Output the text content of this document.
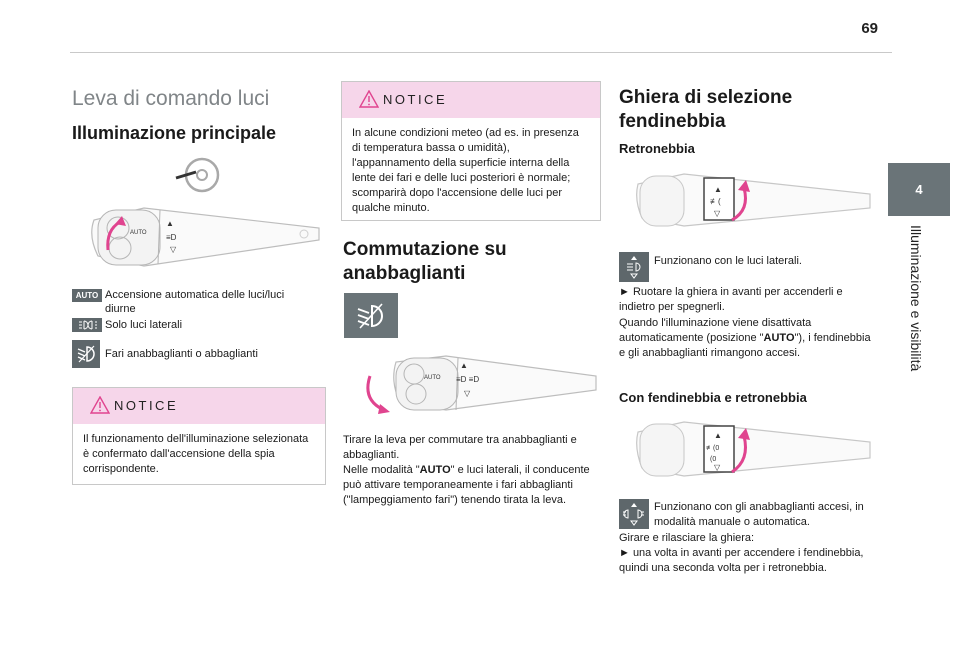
69
4
Illuminazione e visibilità
Leva di comando luci
Illuminazione principale
AUTO
▲
≡D
▽
AUTO Accensione automatica delle luci/luci diurne
Solo luci laterali
Fari anabbaglianti o abbaglianti
NOTICE
Il funzionamento dell'illuminazione selezionata è confermato dall'accensione della spia corrispondente.
NOTICE
In alcune condizioni meteo (ad es. in presenza di temperatura bassa o umidità), l'appannamento della superficie interna della lente dei fari e delle luci posteriori è normale; scomparirà dopo l'accensione delle luci per qualche minuto.
Commutazione su anabbaglianti
AUTO
▲
≡D ≡D
▽
Tirare la leva per commutare tra anabbaglianti e abbaglianti.
Nelle modalità "AUTO" e luci laterali, il conducente può attivare temporaneamente i fari abbaglianti ("lampeggiamento fari") tenendo tirata la leva.
Ghiera di selezione fendinebbia
Retronebbia
▲
≢(
▽
Funzionano con le luci laterali.
► Ruotare la ghiera in avanti per accenderli e indietro per spegnerli.
Quando l'illuminazione viene disattivata automaticamente (posizione "AUTO"), i fendinebbia e gli anabbaglianti rimangono accesi.
Con fendinebbia e retronebbia
▲
≢(0
(0
▽
Funzionano con gli anabbaglianti accesi, in modalità manuale o automatica.
Girare e rilasciare la ghiera:
► una volta in avanti per accendere i fendinebbia, quindi una seconda volta per i retronebbia.
